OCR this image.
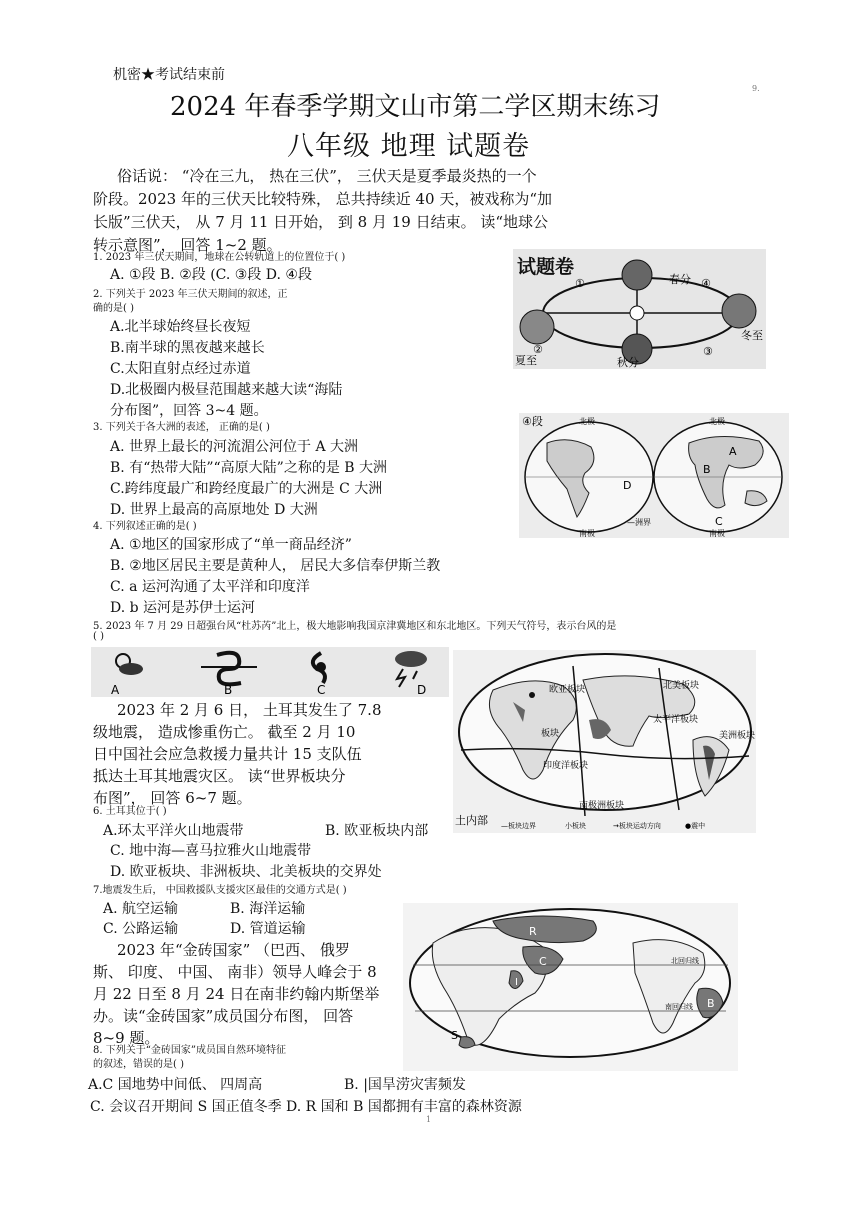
机密★考试结束前
9.
2024 年春季学期文山市第二学区期末练习
八年级 地理 试题卷
俗话说： “冷在三九， 热在三伏”， 三伏天是夏季最炎热的一个
阶段。2023 年的三伏天比较特殊， 总共持续近 40 天，被戏称为“加
长版”三伏天， 从 7 月 11 日开始， 到 8 月 19 日结束。 读“地球公
转示意图”， 回答 1~2 题。
1. 2023 年三伏天期间，地球在公转轨道上的位置位于( )
A. ①段 B. ②段 (C. ③段 D. ④段
2. 下列关于 2023 年三伏天期间的叙述，正
确的是( )
A.北半球始终昼长夜短
B.南半球的黑夜越来越长
C.太阳直射点经过赤道
D.北极圈内极昼范围越来越大读“海陆
分布图”，回答 3~4 题。
试题卷
春分
夏至
冬至
秋分
①	④
②	③
3. 下列关于各大洲的表述， 正确的是( )
A. 世界上最长的河流湄公河位于 A 大洲
B. 有“热带大陆”“高原大陆”之称的是 B 大洲
C.跨纬度最广和跨经度最广的大洲是 C 大洲
D. 世界上最高的高原地处 D 大洲
④段	北极	北极
南极	南极
A
B
C
D
—洲界
4. 下列叙述正确的是( )
A. ①地区的国家形成了“单一商品经济”
B. ②地区居民主要是黄种人， 居民大多信奉伊斯兰教
C. a 运河沟通了太平洋和印度洋
D. b 运河是苏伊士运河
5. 2023 年 7 月 29 日超强台风“杜苏芮”北上，极大地影响我国京津冀地区和东北地区。下列天气符号，表示台风的是
( )
A	B	C	D
2023 年 2 月 6 日， 土耳其发生了 7.8
级地震， 造成惨重伤亡。 截至 2 月 10
日中国社会应急救援力量共计 15 支队伍
抵达土耳其地震灾区。 读“世界板块分
布图”， 回答 6~7 题。
欧亚板块
太平洋板块
板块
印度洋板块
美洲板块
北美板块
南极洲板块
土内部 —板块边界	小板块	→板块运动方向	●震中
6. 土耳其位于( )
A.环太平洋火山地震带	B. 欧亚板块内部
C. 地中海—喜马拉雅火山地震带
D. 欧亚板块、非洲板块、北美板块的交界处
7.地震发生后， 中国救援队支援灾区最佳的交通方式是( )
A. 航空运输	B. 海洋运输
C. 公路运输	D. 管道运输
2023 年“金砖国家” （巴西、 俄罗
斯、 印度、 中国、 南非）领导人峰会于 8
月 22 日至 8 月 24 日在南非约翰内斯堡举
办。读“金砖国家”成员国分布图， 回答
8~9 题。
R
C
I
B
S
北回归线
南回归线
8. 下列关于“金砖国家”成员国自然环境特征
的叙述，错误的是( )
A.C 国地势中间低、 四周高	B. |国旱涝灾害频发
C. 会议召开期间 S 国正值冬季 D. R 国和 B 国都拥有丰富的森林资源
1
